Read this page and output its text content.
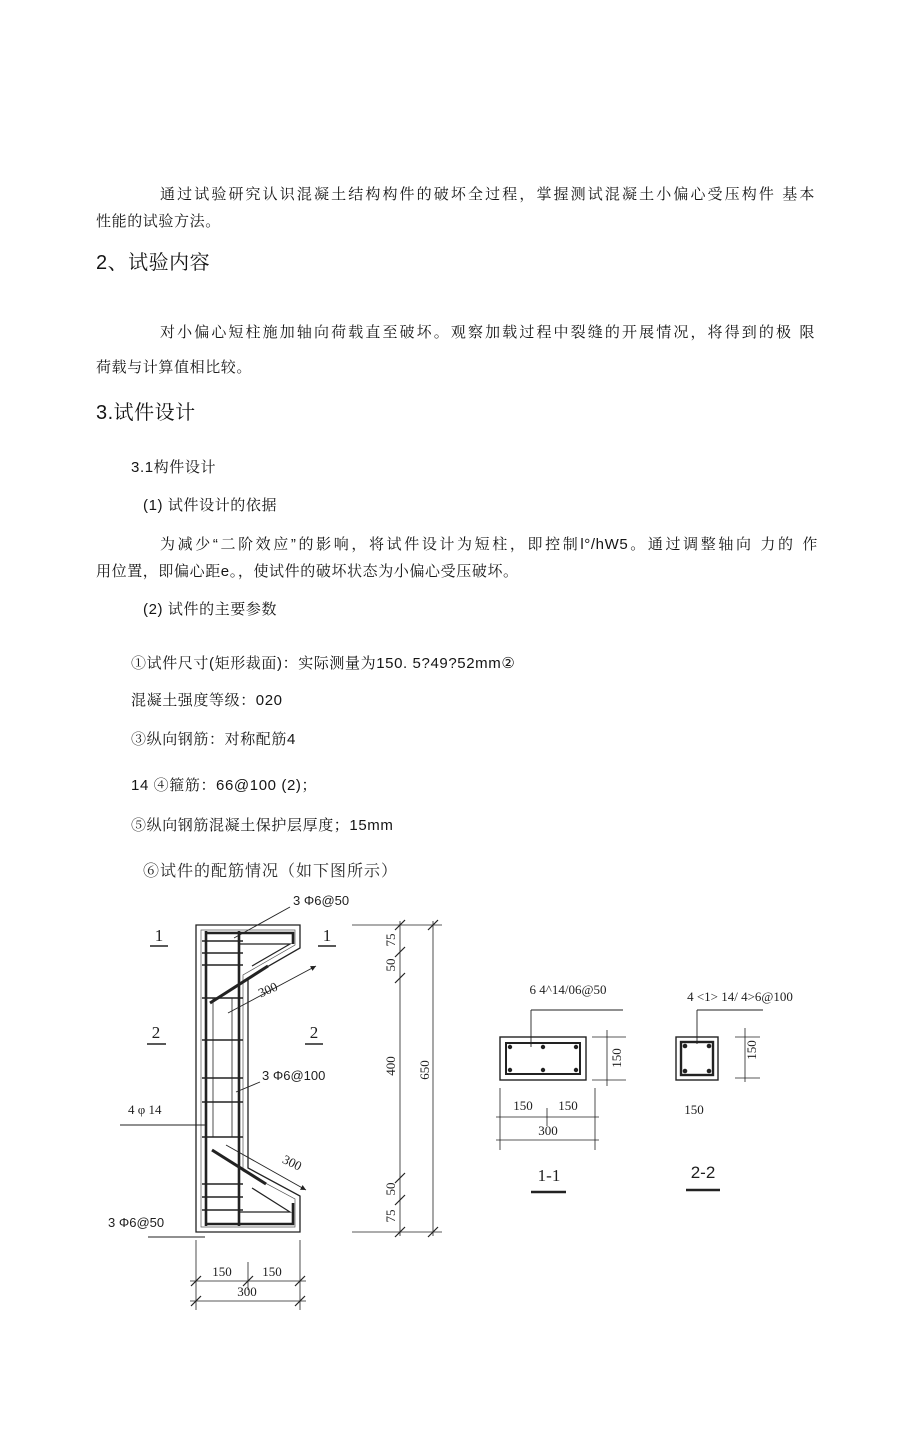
通过试验研究认识混凝土结构构件的破坏全过程，掌握测试混凝土小偏心受压构件 基本
性能的试验方法。
2、试验内容
对小偏心短柱施加轴向荷载直至破坏。观察加载过程中裂缝的开展情况，将得到的极 限
荷载与计算值相比较。
3.试件设计
3.1构件设计
(1) 试件设计的依据
为减少“二阶效应”的影响，将试件设计为短柱，即控制l°/hW5。通过调整轴向 力的 作
用位置，即偏心距e。，使试件的破坏状态为小偏心受压破坏。
(2) 试件的主要参数
①试件尺寸(矩形裁面)：实际测量为150. 5?49?52mm②
混凝土强度等级：020
③纵向钢筋：对称配筋4
14 ④箍筋：66@100 (2)；
⑤纵向钢筋混凝土保护层厚度；15mm
⑥试件的配筋情况（如下图所示）
3 Φ6@50
1	1
2	2
300
3 Φ6@100
4 φ 14
300
3 Φ6@50
150 150
300
75
50
400
50
75
650
6 4^14/06@50
150
150 150
300
1-1
4 <1> 14/ 4>6@100
150
150
2-2
